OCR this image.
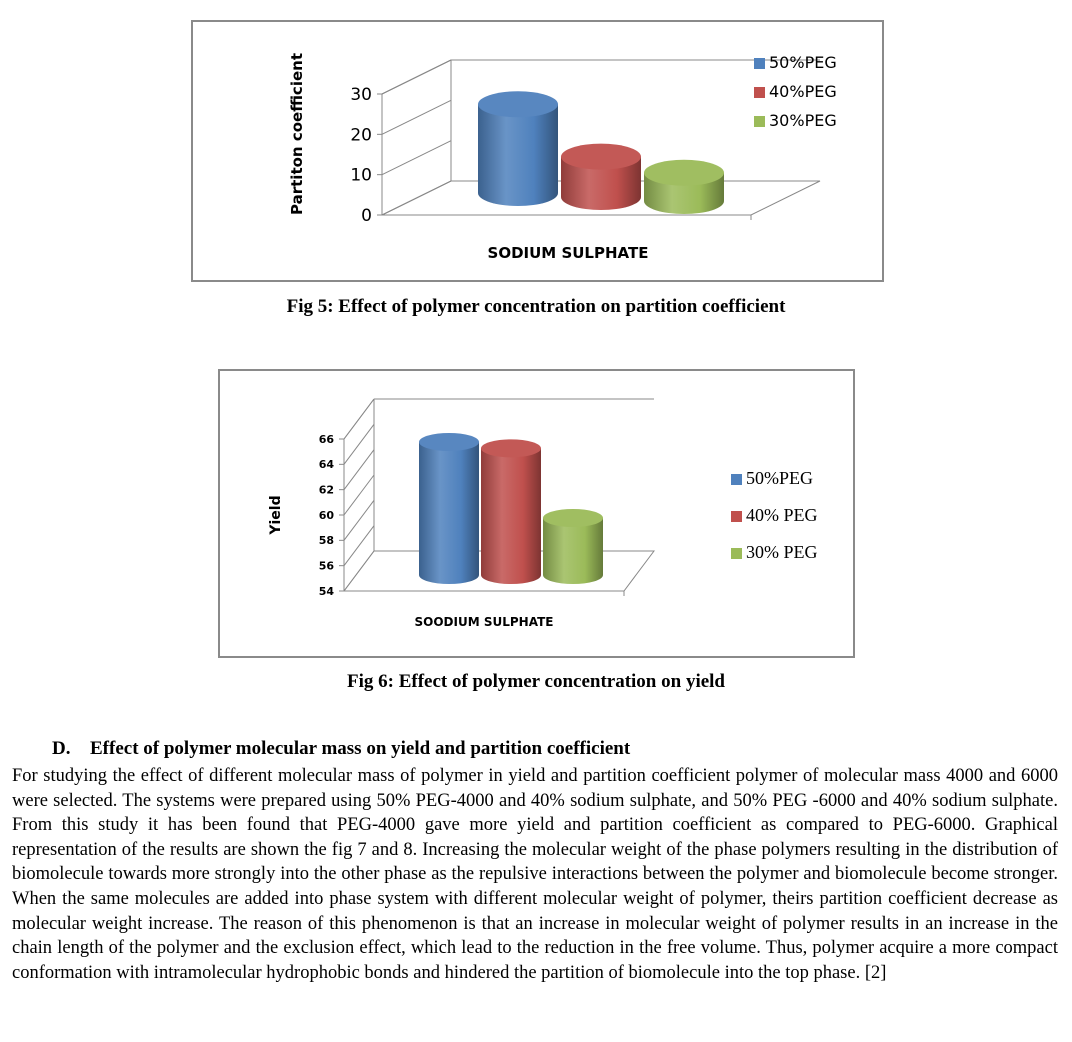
0
10
20
30
Partiton coefficient
SODIUM SULPHATE
50%PEG
40%PEG
30%PEG
Fig 5: Effect of polymer concentration on partition coefficient
54
56
58
60
62
64
66
Yield
SOODIUM SULPHATE
50%PEG
40% PEG
30% PEG
Fig 6: Effect of polymer concentration on yield
D. Effect of polymer molecular mass on yield and partition coefficient

For studying the effect of different molecular mass of polymer in yield and partition coefficient polymer of molecular mass 4000 and 6000 were selected. The systems were prepared using 50% PEG-4000 and 40% sodium sulphate, and 50% PEG -6000 and 40% sodium sulphate. From this study it has been found that PEG-4000 gave more yield and partition coefficient as compared to PEG-6000. Graphical representation of the results are shown the fig 7 and 8. Increasing the molecular weight of the phase polymers resulting in the distribution of biomolecule towards more strongly into the other phase as the repulsive interactions between the polymer and biomolecule become stronger. When the same molecules are added into phase system with different molecular weight of polymer, theirs partition coefficient decrease as molecular weight increase. The reason of this phenomenon is that an increase in molecular weight of polymer results in an increase in the chain length of the polymer and the exclusion effect, which lead to the reduction in the free volume. Thus, polymer acquire a more compact conformation with intramolecular hydrophobic bonds and hindered the partition of biomolecule into the top phase. [2]
